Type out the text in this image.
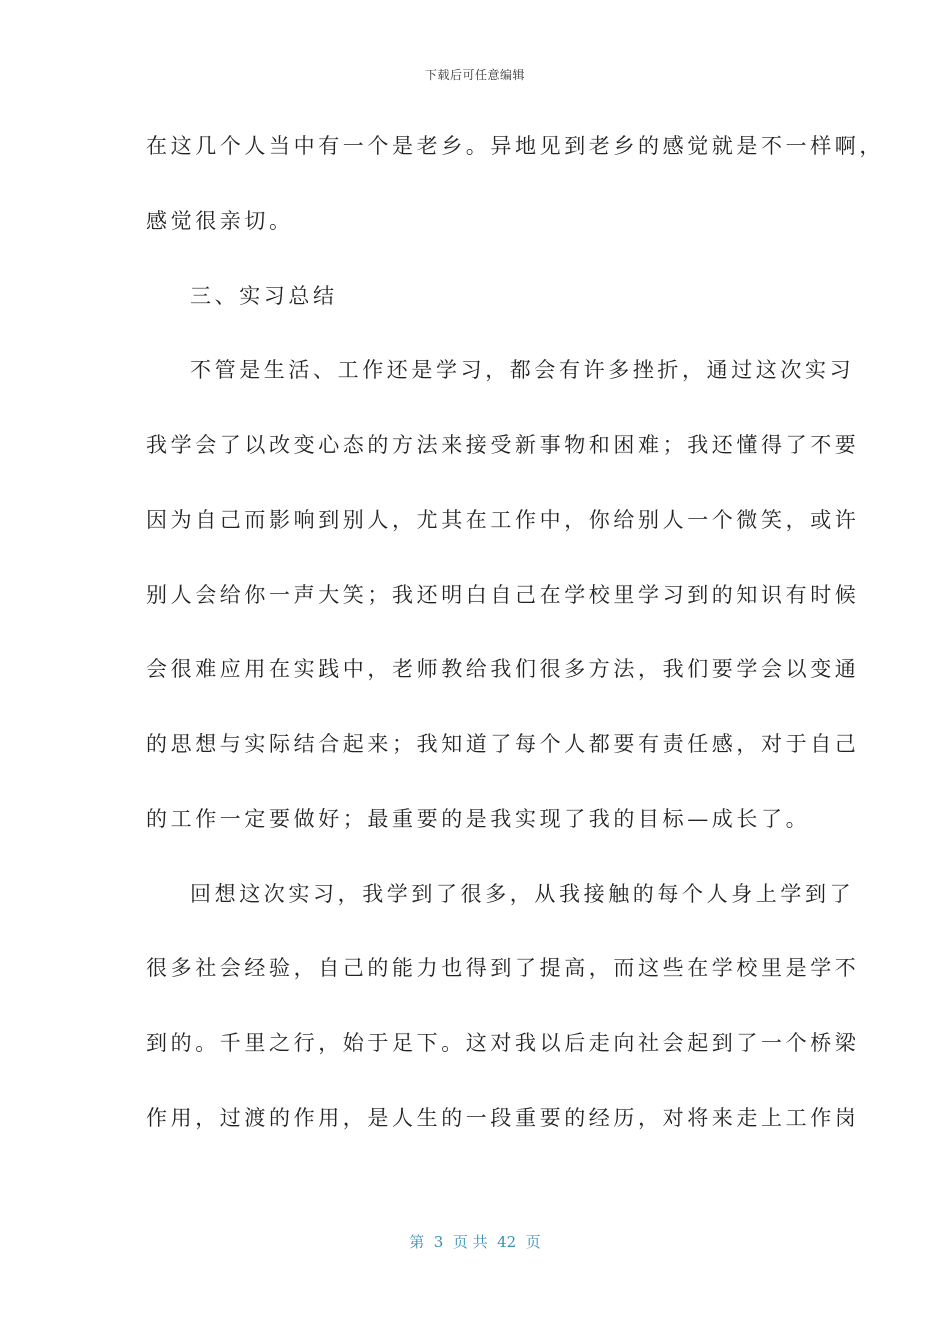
下载后可任意编辑
在这几个人当中有一个是老乡。异地见到老乡的感觉就是不一样啊，
感觉很亲切。
三、实习总结
不管是生活、工作还是学习，都会有许多挫折，通过这次实习
我学会了以改变心态的方法来接受新事物和困难；我还懂得了不要
因为自己而影响到别人，尤其在工作中，你给别人一个微笑，或许
别人会给你一声大笑；我还明白自己在学校里学习到的知识有时候
会很难应用在实践中，老师教给我们很多方法，我们要学会以变通
的思想与实际结合起来；我知道了每个人都要有责任感，对于自己
的工作一定要做好；最重要的是我实现了我的目标—成长了。
回想这次实习，我学到了很多，从我接触的每个人身上学到了
很多社会经验，自己的能力也得到了提高，而这些在学校里是学不
到的。千里之行，始于足下。这对我以后走向社会起到了一个桥梁
作用，过渡的作用，是人生的一段重要的经历，对将来走上工作岗
第  3  页 共  42  页
